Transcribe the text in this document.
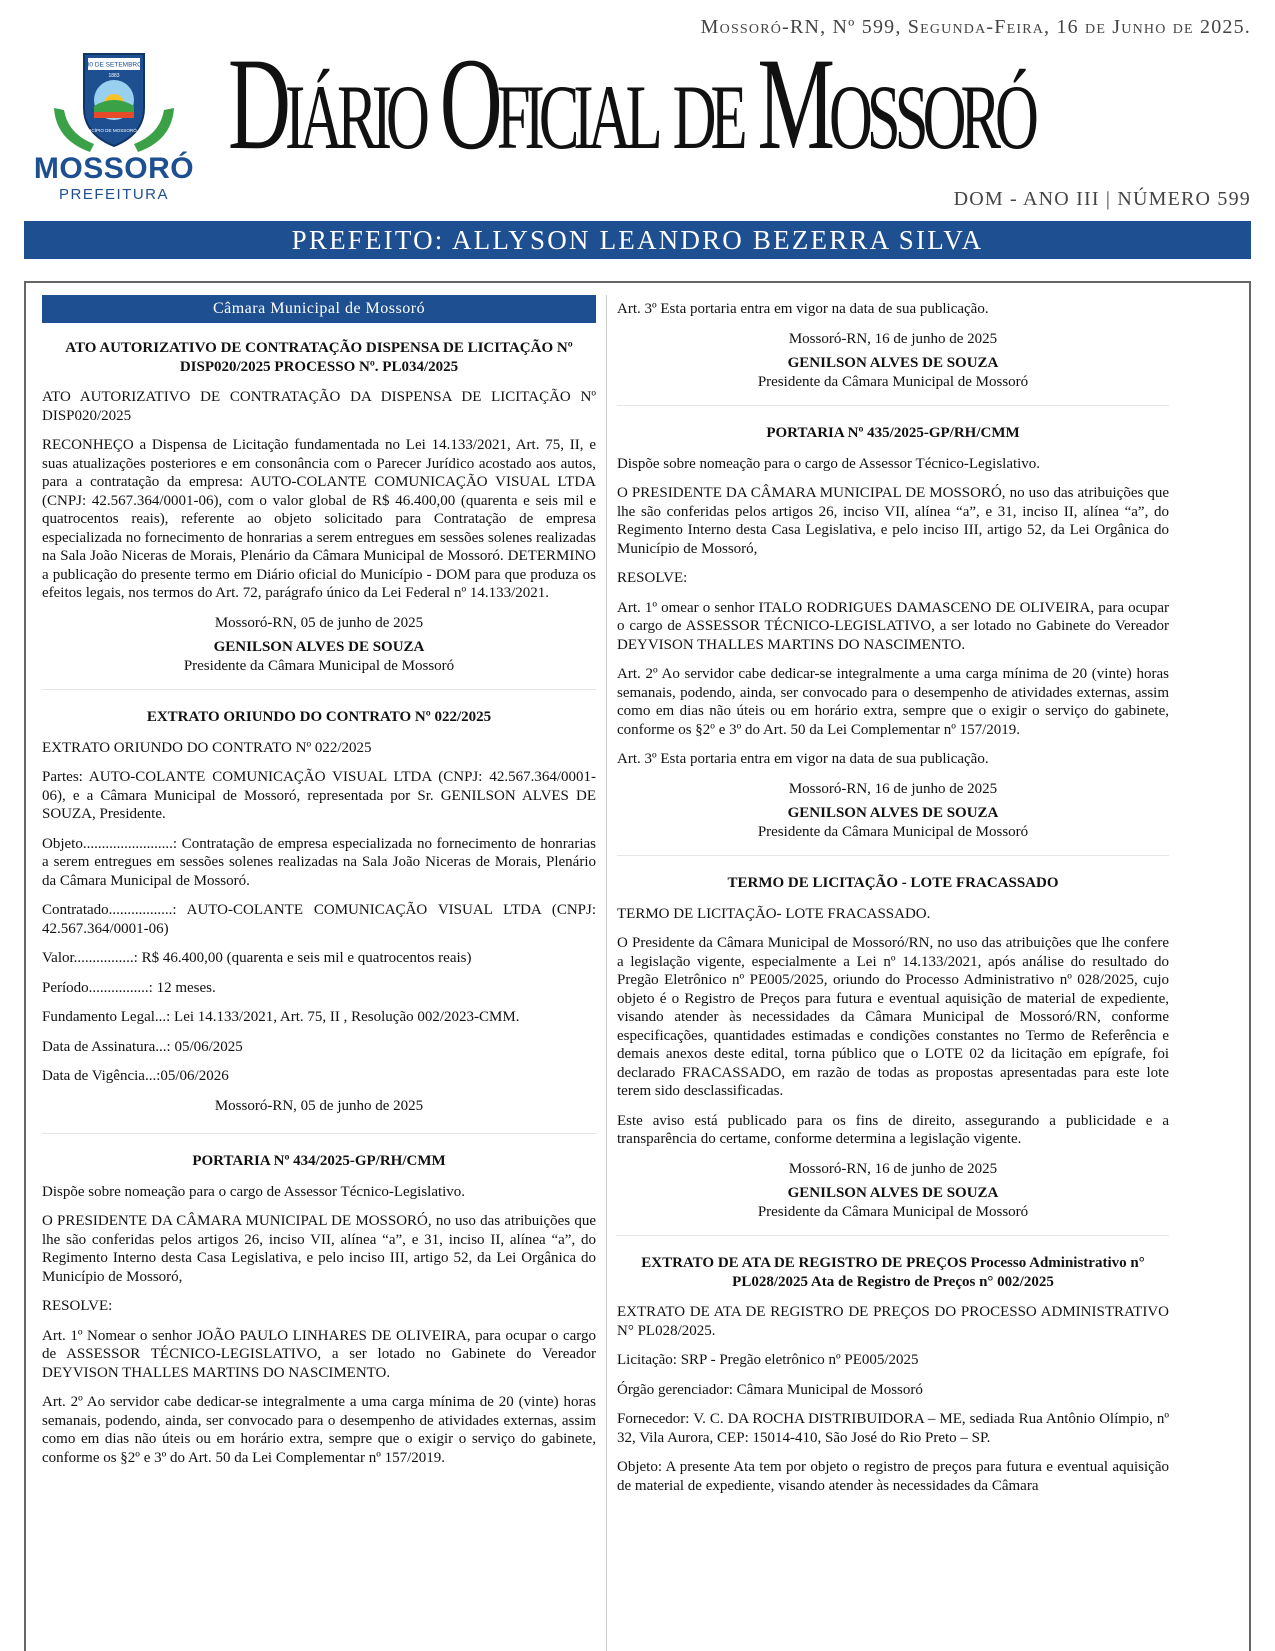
Mossoró-RN, Nº 599, Segunda-Feira, 16 de Junho de 2025.
30 DE SETEMBRO
1883
MUNICÍPIO DE MOSSORÓ 1852
MOSSORÓ
PREFEITURA
Diário Oficial de Mossoró
DOM - ANO III | NÚMERO 599
PREFEITO: ALLYSON LEANDRO BEZERRA SILVA
Câmara Municipal de Mossoró
ATO AUTORIZATIVO DE CONTRATAÇÃO DISPENSA DE LICITAÇÃO Nº DISP020/2025 PROCESSO Nº. PL034/2025

ATO AUTORIZATIVO DE CONTRATAÇÃO DA DISPENSA DE LICITAÇÃO Nº DISP020/2025

RECONHEÇO a Dispensa de Licitação fundamentada no Lei 14.133/2021, Art. 75, II, e suas atualizações posteriores e em consonância com o Parecer Jurídico acostado aos autos, para a contratação da empresa: AUTO-COLANTE COMUNICAÇÃO VISUAL LTDA (CNPJ: 42.567.364/0001-06), com o valor global de R$ 46.400,00 (quarenta e seis mil e quatrocentos reais), referente ao objeto solicitado para Contratação de empresa especializada no fornecimento de honrarias a serem entregues em sessões solenes realizadas na Sala João Niceras de Morais, Plenário da Câmara Municipal de Mossoró. DETERMINO a publicação do presente termo em Diário oficial do Município - DOM para que produza os efeitos legais, nos termos do Art. 72, parágrafo único da Lei Federal nº 14.133/2021.

Mossoró-RN, 05 de junho de 2025
GENILSON ALVES DE SOUZA
Presidente da Câmara Municipal de Mossoró
EXTRATO ORIUNDO DO CONTRATO Nº 022/2025

EXTRATO ORIUNDO DO CONTRATO Nº 022/2025

Partes: AUTO-COLANTE COMUNICAÇÃO VISUAL LTDA (CNPJ: 42.567.364/0001-06), e a Câmara Municipal de Mossoró, representada por Sr. GENILSON ALVES DE SOUZA, Presidente.

Objeto........................: Contratação de empresa especializada no fornecimento de honrarias a serem entregues em sessões solenes realizadas na Sala João Niceras de Morais, Plenário da Câmara Municipal de Mossoró.

Contratado.................: AUTO-COLANTE COMUNICAÇÃO VISUAL LTDA (CNPJ: 42.567.364/0001-06)

Valor................: R$ 46.400,00 (quarenta e seis mil e quatrocentos reais)

Período................: 12 meses.

Fundamento Legal...: Lei 14.133/2021, Art. 75, II , Resolução 002/2023-CMM.

Data de Assinatura...: 05/06/2025

Data de Vigência...:05/06/2026

Mossoró-RN, 05 de junho de 2025
PORTARIA Nº 434/2025-GP/RH/CMM

Dispõe sobre nomeação para o cargo de Assessor Técnico-Legislativo.

O PRESIDENTE DA CÂMARA MUNICIPAL DE MOSSORÓ, no uso das atribuições que lhe são conferidas pelos artigos 26, inciso VII, alínea “a”, e 31, inciso II, alínea “a”, do Regimento Interno desta Casa Legislativa, e pelo inciso III, artigo 52, da Lei Orgânica do Município de Mossoró,

RESOLVE:

Art. 1º Nomear o senhor JOÃO PAULO LINHARES DE OLIVEIRA, para ocupar o cargo de ASSESSOR TÉCNICO-LEGISLATIVO, a ser lotado no Gabinete do Vereador DEYVISON THALLES MARTINS DO NASCIMENTO.

Art. 2º Ao servidor cabe dedicar-se integralmente a uma carga mínima de 20 (vinte) horas semanais, podendo, ainda, ser convocado para o desempenho de atividades externas, assim como em dias não úteis ou em horário extra, sempre que o exigir o serviço do gabinete, conforme os §2º e 3º do Art. 50 da Lei Complementar nº 157/2019.

Art. 3º Esta portaria entra em vigor na data de sua publicação.

Mossoró-RN, 16 de junho de 2025
GENILSON ALVES DE SOUZA
Presidente da Câmara Municipal de Mossoró
PORTARIA Nº 435/2025-GP/RH/CMM

Dispõe sobre nomeação para o cargo de Assessor Técnico-Legislativo.

O PRESIDENTE DA CÂMARA MUNICIPAL DE MOSSORÓ, no uso das atribuições que lhe são conferidas pelos artigos 26, inciso VII, alínea “a”, e 31, inciso II, alínea “a”, do Regimento Interno desta Casa Legislativa, e pelo inciso III, artigo 52, da Lei Orgânica do Município de Mossoró,

RESOLVE:

Art. 1º omear o senhor ITALO RODRIGUES DAMASCENO DE OLIVEIRA, para ocupar o cargo de ASSESSOR TÉCNICO-LEGISLATIVO, a ser lotado no Gabinete do Vereador DEYVISON THALLES MARTINS DO NASCIMENTO.

Art. 2º Ao servidor cabe dedicar-se integralmente a uma carga mínima de 20 (vinte) horas semanais, podendo, ainda, ser convocado para o desempenho de atividades externas, assim como em dias não úteis ou em horário extra, sempre que o exigir o serviço do gabinete, conforme os §2º e 3º do Art. 50 da Lei Complementar nº 157/2019.

Art. 3º Esta portaria entra em vigor na data de sua publicação.

Mossoró-RN, 16 de junho de 2025
GENILSON ALVES DE SOUZA
Presidente da Câmara Municipal de Mossoró
TERMO DE LICITAÇÃO - LOTE FRACASSADO

TERMO DE LICITAÇÃO- LOTE FRACASSADO.

O Presidente da Câmara Municipal de Mossoró/RN, no uso das atribuições que lhe confere a legislação vigente, especialmente a Lei nº 14.133/2021, após análise do resultado do Pregão Eletrônico nº PE005/2025, oriundo do Processo Administrativo nº 028/2025, cujo objeto é o Registro de Preços para futura e eventual aquisição de material de expediente, visando atender às necessidades da Câmara Municipal de Mossoró/RN, conforme especificações, quantidades estimadas e condições constantes no Termo de Referência e demais anexos deste edital, torna público que o LOTE 02 da licitação em epígrafe, foi declarado FRACASSADO, em razão de todas as propostas apresentadas para este lote terem sido desclassificadas.

Este aviso está publicado para os fins de direito, assegurando a publicidade e a transparência do certame, conforme determina a legislação vigente.

Mossoró-RN, 16 de junho de 2025
GENILSON ALVES DE SOUZA
Presidente da Câmara Municipal de Mossoró
EXTRATO DE ATA DE REGISTRO DE PREÇOS Processo Administrativo n° PL028/2025 Ata de Registro de Preços n° 002/2025

EXTRATO DE ATA DE REGISTRO DE PREÇOS DO PROCESSO ADMINISTRATIVO N° PL028/2025.

Licitação: SRP - Pregão eletrônico nº PE005/2025

Órgão gerenciador: Câmara Municipal de Mossoró

Fornecedor: V. C. DA ROCHA DISTRIBUIDORA – ME, sediada Rua Antônio Olímpio, nº 32, Vila Aurora, CEP: 15014-410, São José do Rio Preto – SP.

Objeto: A presente Ata tem por objeto o registro de preços para futura e eventual aquisição de material de expediente, visando atender às necessidades da Câmara
